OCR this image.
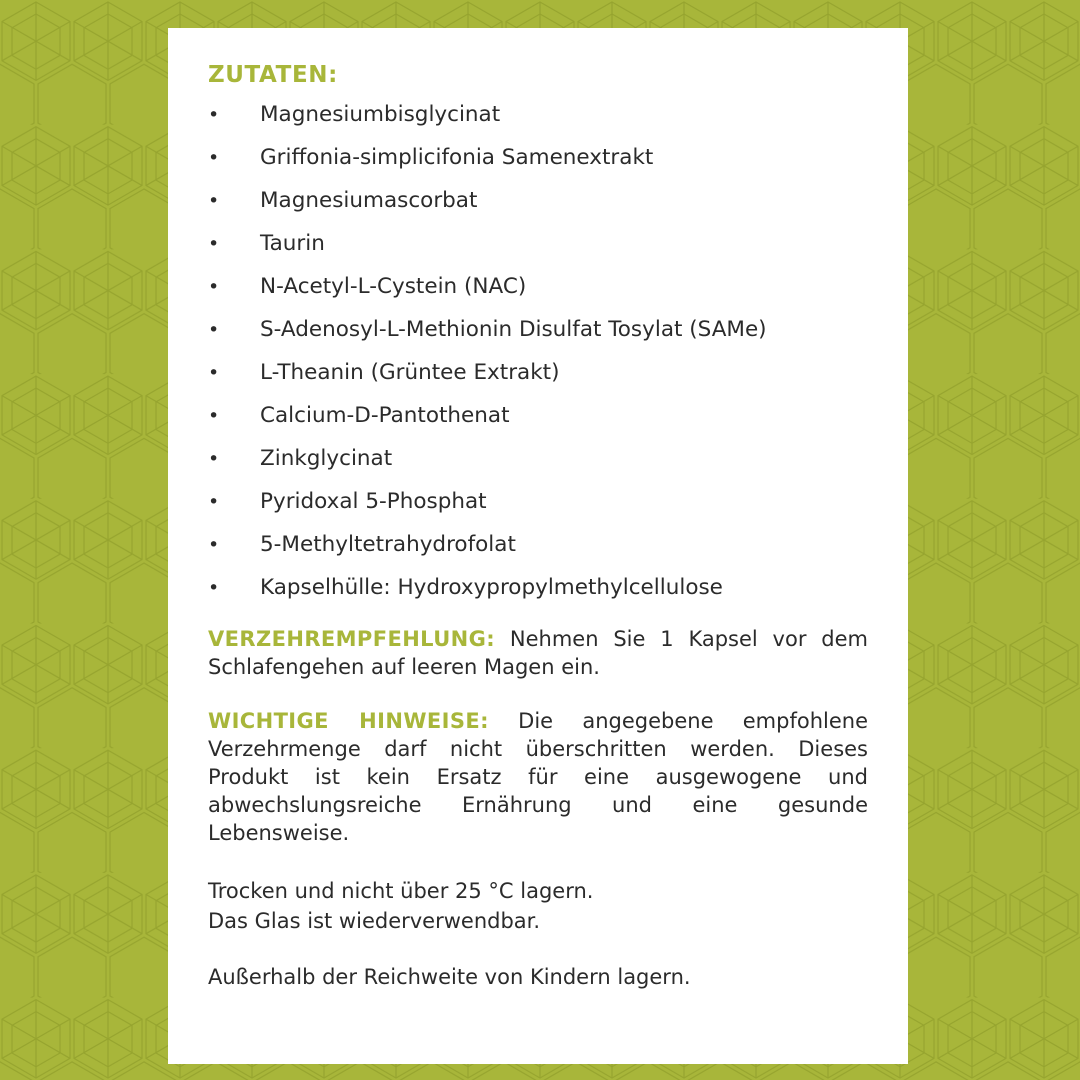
ZUTATEN:
•	Magnesiumbisglycinat
•	Griffonia-simplicifonia Samenextrakt
•	Magnesiumascorbat
•	Taurin
•	N-Acetyl-L-Cystein (NAC)
•	S-Adenosyl-L-Methionin Disulfat Tosylat (SAMe)
•	L-Theanin (Grüntee Extrakt)
•	Calcium-D-Pantothenat
•	Zinkglycinat
•	Pyridoxal 5-Phosphat
•	5-Methyltetrahydrofolat
•	Kapselhülle: Hydroxypropylmethylcellulose

VERZEHREMPFEHLUNG: Nehmen Sie 1 Kapsel vor dem Schlafengehen auf leeren Magen ein.

WICHTIGE HINWEISE: Die angegebene empfohlene Verzehrmenge darf nicht überschritten werden. Dieses Produkt ist kein Ersatz für eine ausgewogene und abwechslungsreiche Ernährung und eine gesunde Lebensweise.

Trocken und nicht über 25 °C lagern.
Das Glas ist wiederverwendbar.
Außerhalb der Reichweite von Kindern lagern.
